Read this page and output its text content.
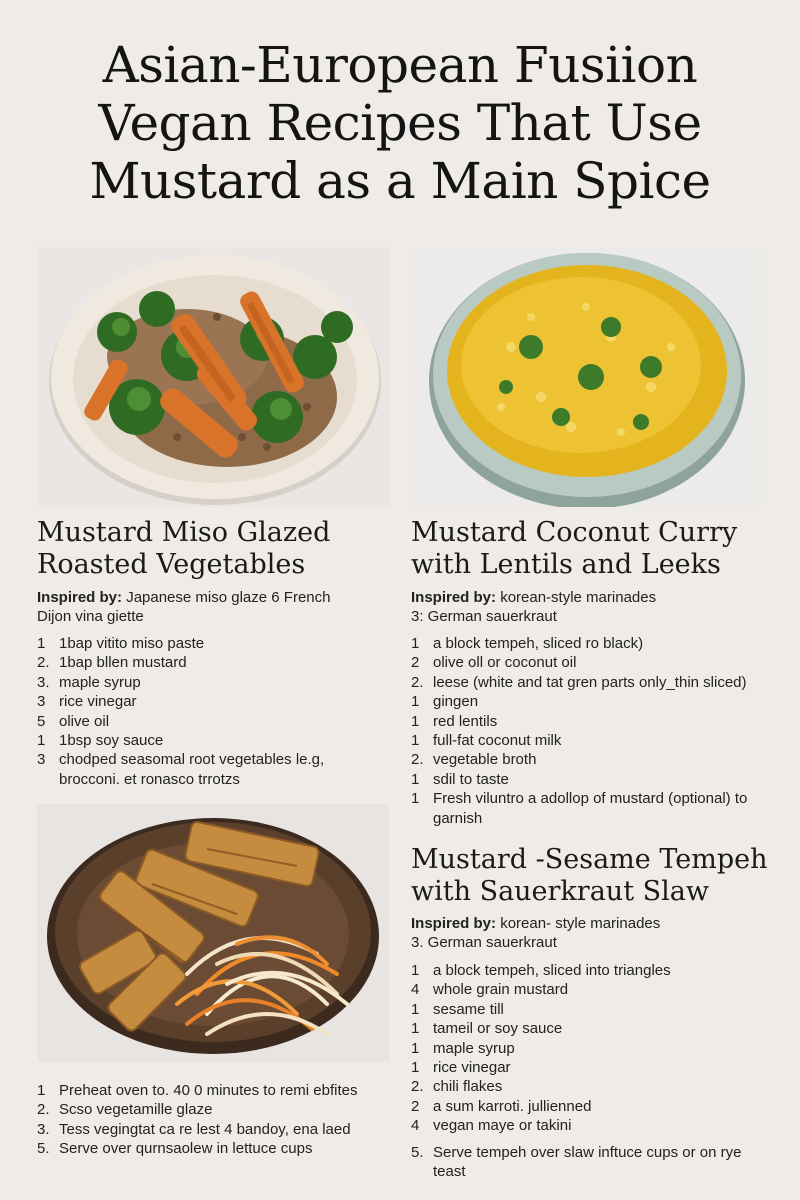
Asian-European Fusiion
Vegan Recipes That Use
Mustard as a Main Spice
Mustard Miso Glazed
Roasted Vegetables
Inspired by: Japanese miso glaze 6 French Dijon vina giette
1 1bap vitito miso paste
2. 1bap bllen mustard
3. maple syrup
3 rice vinegar
5 olive oil
1 1bsp soy sauce
3 chodped seasomal root vegetables le.g, brocconi. et ronasco trrotzs
1 Preheat oven to. 40 0 minutes to remi ebfites
2. Scso vegetamille glaze
3. Tess vegingtat ca re lest 4 bandoy, ena laed
5. Serve over qurnsaolew in lettuce cups
Mustard Coconut Curry
with Lentils and Leeks
Inspired by: korean-style marinades
3: German sauerkraut
1 a block tempeh, sliced ro black)
2 olive oll or coconut oil
2. leese (white and tat gren parts only_thin sliced)
1 gingen
1 red lentils
1 full-fat coconut milk
2. vegetable broth
1 sdil to taste
1 Fresh viluntro a adollop of mustard (optional) to garnish
Mustard -Sesame Tempeh
with Sauerkraut Slaw
Inspired by: korean- style marinades
3. German sauerkraut
1 a block tempeh, sliced into triangles
4 whole grain mustard
1 sesame till
1 tameil or soy sauce
1 maple syrup
1 rice vinegar
2. chili flakes
2 a sum karroti. jullienned
4 vegan maye or takini
5. Serve tempeh over slaw inftuce cups or on rye teast
